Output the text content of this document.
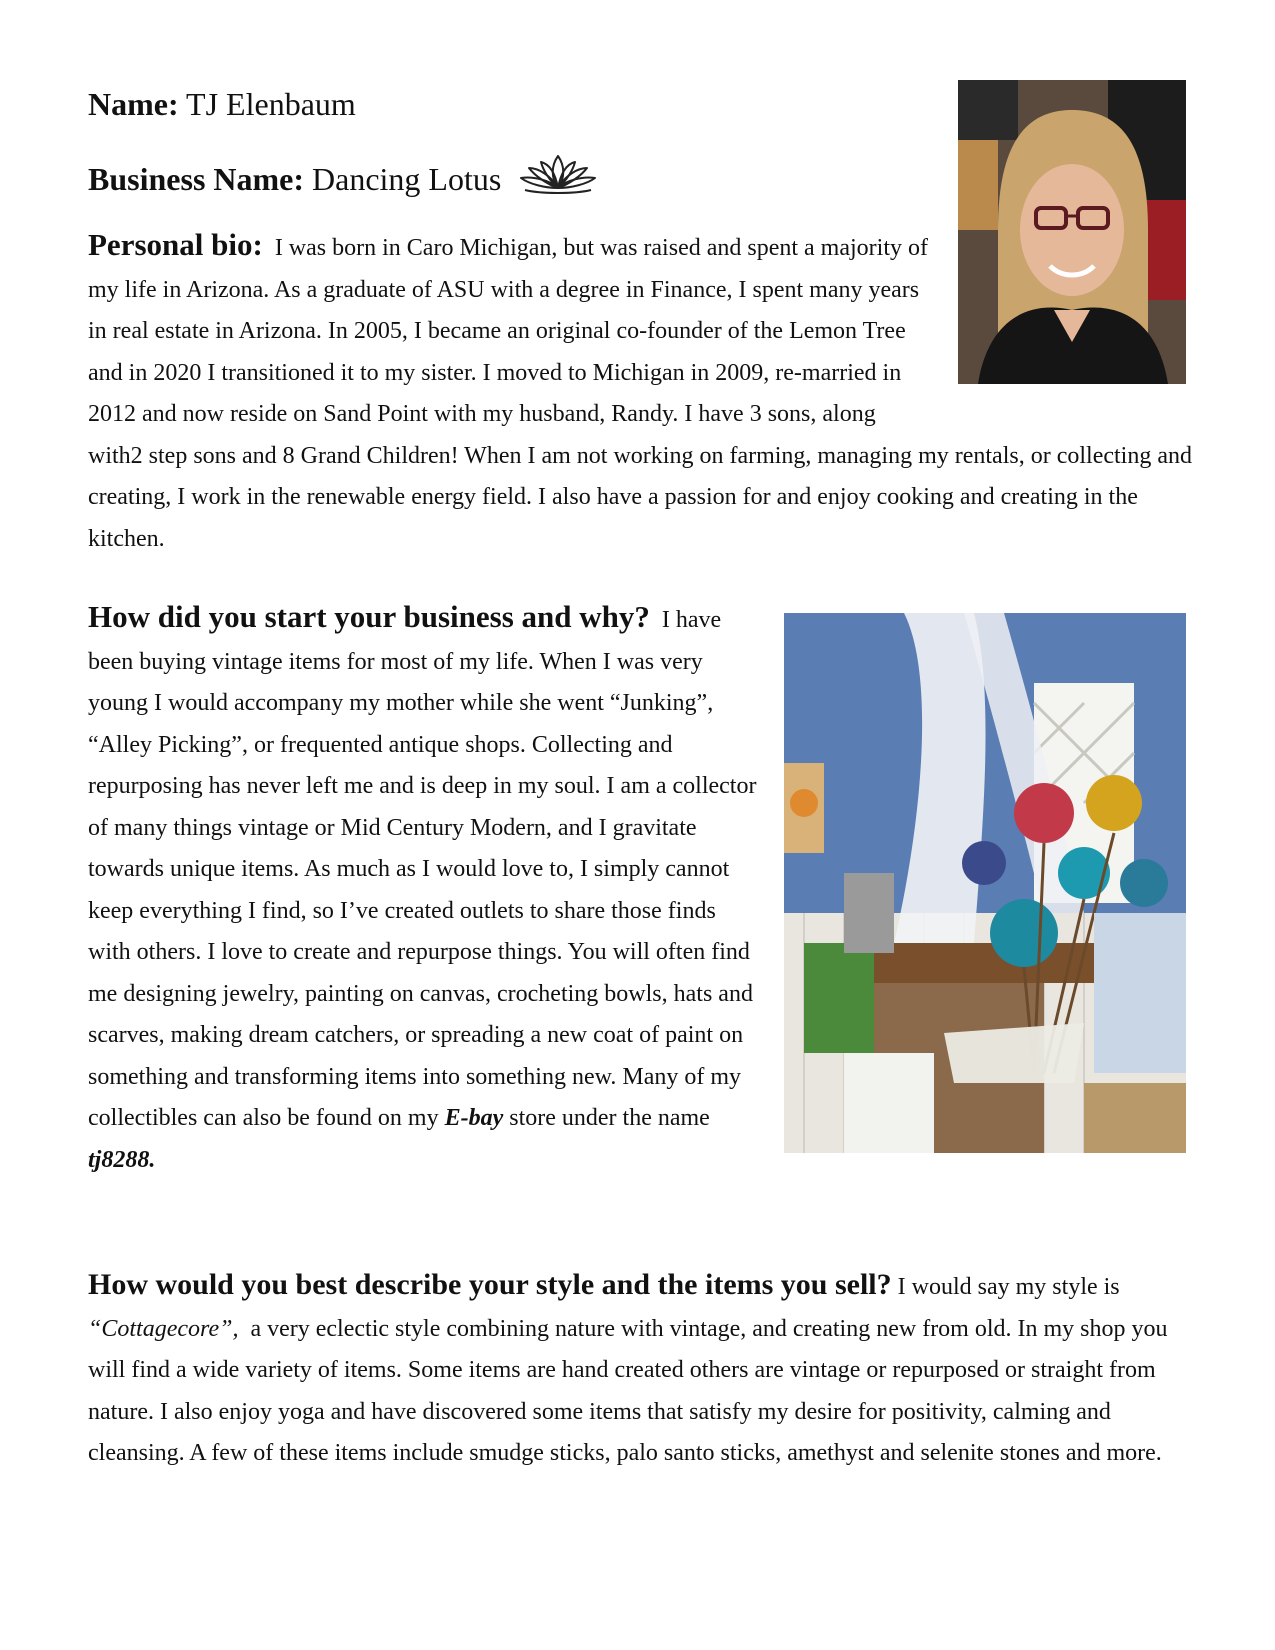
Name: TJ Elenbaum

Business Name: Dancing Lotus

Personal bio: I was born in Caro Michigan, but was raised and spent a majority of my life in Arizona. As a graduate of ASU with a degree in Finance, I spent many years in real estate in Arizona. In 2005, I became an original co-founder of the Lemon Tree and in 2020 I transitioned it to my sister. I moved to Michigan in 2009, re-married in 2012 and now reside on Sand Point with my husband, Randy. I have 3 sons, along with2 step sons and 8 Grand Children! When I am not working on farming, managing my rentals, or collecting and creating, I work in the renewable energy field. I also have a passion for and enjoy cooking and creating in the kitchen.

How did you start your business and why? I have been buying vintage items for most of my life. When I was very young I would accompany my mother while she went “Junking”, “Alley Picking”, or frequented antique shops. Collecting and repurposing has never left me and is deep in my soul. I am a collector of many things vintage or Mid Century Modern, and I gravitate towards unique items. As much as I would love to, I simply cannot keep everything I find, so I’ve created outlets to share those finds with others. I love to create and repurpose things. You will often find me designing jewelry, painting on canvas, crocheting bowls, hats and scarves, making dream catchers, or spreading a new coat of paint on something and transforming items into something new. Many of my collectibles can also be found on my E-bay store under the name tj8288.

How would you best describe your style and the items you sell? I would say my style is “Cottagecore”, a very eclectic style combining nature with vintage, and creating new from old. In my shop you will find a wide variety of items. Some items are hand created others are vintage or repurposed or straight from nature. I also enjoy yoga and have discovered some items that satisfy my desire for positivity, calming and cleansing. A few of these items include smudge sticks, palo santo sticks, amethyst and selenite stones and more.
